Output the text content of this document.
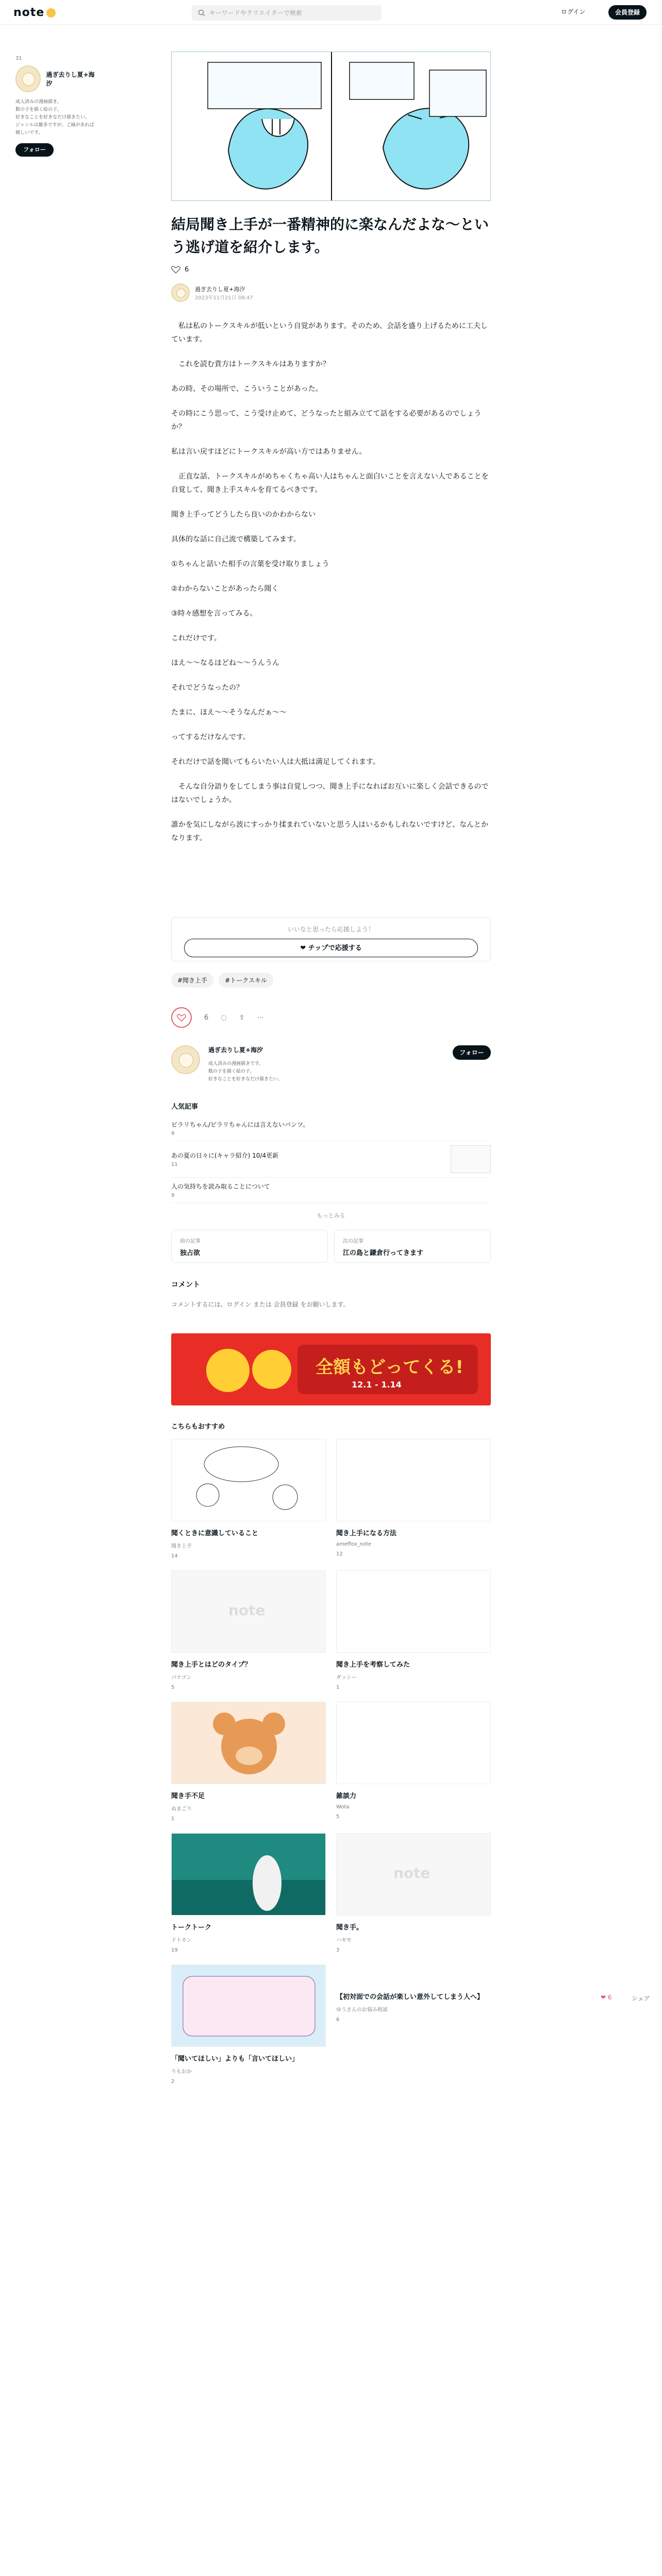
note	キーワードやクリエイターで検索	ログイン	会員登録
31
過ぎ去りし夏+海汐
成人済みの漫画描き。
数の子を描く絵の子。
好きなことを好きなだけ描きたい。
ジャンルは雑多ですが、ご縁があれば
嬉しいです。
フォロー
結局聞き上手が一番精神的に楽なんだよな〜という逃げ道を紹介します。
6
過ぎ去りし夏+海汐
2023年11月21日 08:47

　私は私のトークスキルが低いという自覚があります。そのため、会話を盛り上げるために工夫しています。

　これを読む貴方はトークスキルはありますか？

あの時、その場所で、こういうことがあった。

その時にこう思って、こう受け止めて、どうなったと組み立てて話をする必要があるのでしょうか？

私は言い戻すほどにトークスキルが高い方ではありません。

　正直な話、トークスキルがめちゃくちゃ高い人はちゃんと面白いことを言えない人であることを自覚して、聞き上手スキルを育てるべきです。

聞き上手ってどうしたら良いのかわからない

具体的な話に自己流で構築してみます。

①ちゃんと話いた相手の言葉を受け取りましょう

②わからないことがあったら聞く

③時々感想を言ってみる。

これだけです。

ほえ〜〜なるほどね〜〜うんうん

それでどうなったの？

たまに、ほえ〜〜そうなんだぁ〜〜

ってするだけなんです。

それだけで話を聞いてもらいたい人は大抵は満足してくれます。

　そんな自分語りをしてしまう事は自覚しつつ、聞き上手になればお互いに楽しく会話できるのではないでしょうか。

誰かを気にしながら波にすっかり揉まれていないと思う人はいるかもしれないですけど、なんとかなります。

いいなと思ったら応援しよう！
❤ チップで応援する
#聞き上手	#トークスキル
6 ◌ ⇪ ⋯
過ぎ去りし夏+海汐
成人済みの漫画描きです。
数の子を描く絵の子。
好きなことを好きなだけ描きたい。
フォロー
人気記事
ピラリちゃん/ピラリちゃんには言えないパンツ。
9
あの夏の日々に(キャラ紹介) 10/4更新
11
人の気持ちを読み取ることについて
9
もっとみる
前の記事
独占欲
次の記事
江の島と鎌倉行ってきます
コメント
コメントするには、ログイン または 会員登録 をお願いします。
全額もどってくる!
12.1 - 1.14
こちらもおすすめ
聞くときに意識していること
聞き上手
14
聞き上手になる方法
ameffox_note
12
note
聞き上手とはどのタイプ？
パナゴン
5
聞き上手を考察してみた
ダッシー
1
聞き手不足
ぬまごり
1
雑談力
Wota
5
トークトーク
ドトカン
19
note
聞き手。
ハギモ
3
「聞いてほしい」よりも「言いてほしい」
りもおか
2
【初対面での会話が楽しい意外してしまう人へ】
ゆうさんのお悩み相談
6
❤ 6	シェア
